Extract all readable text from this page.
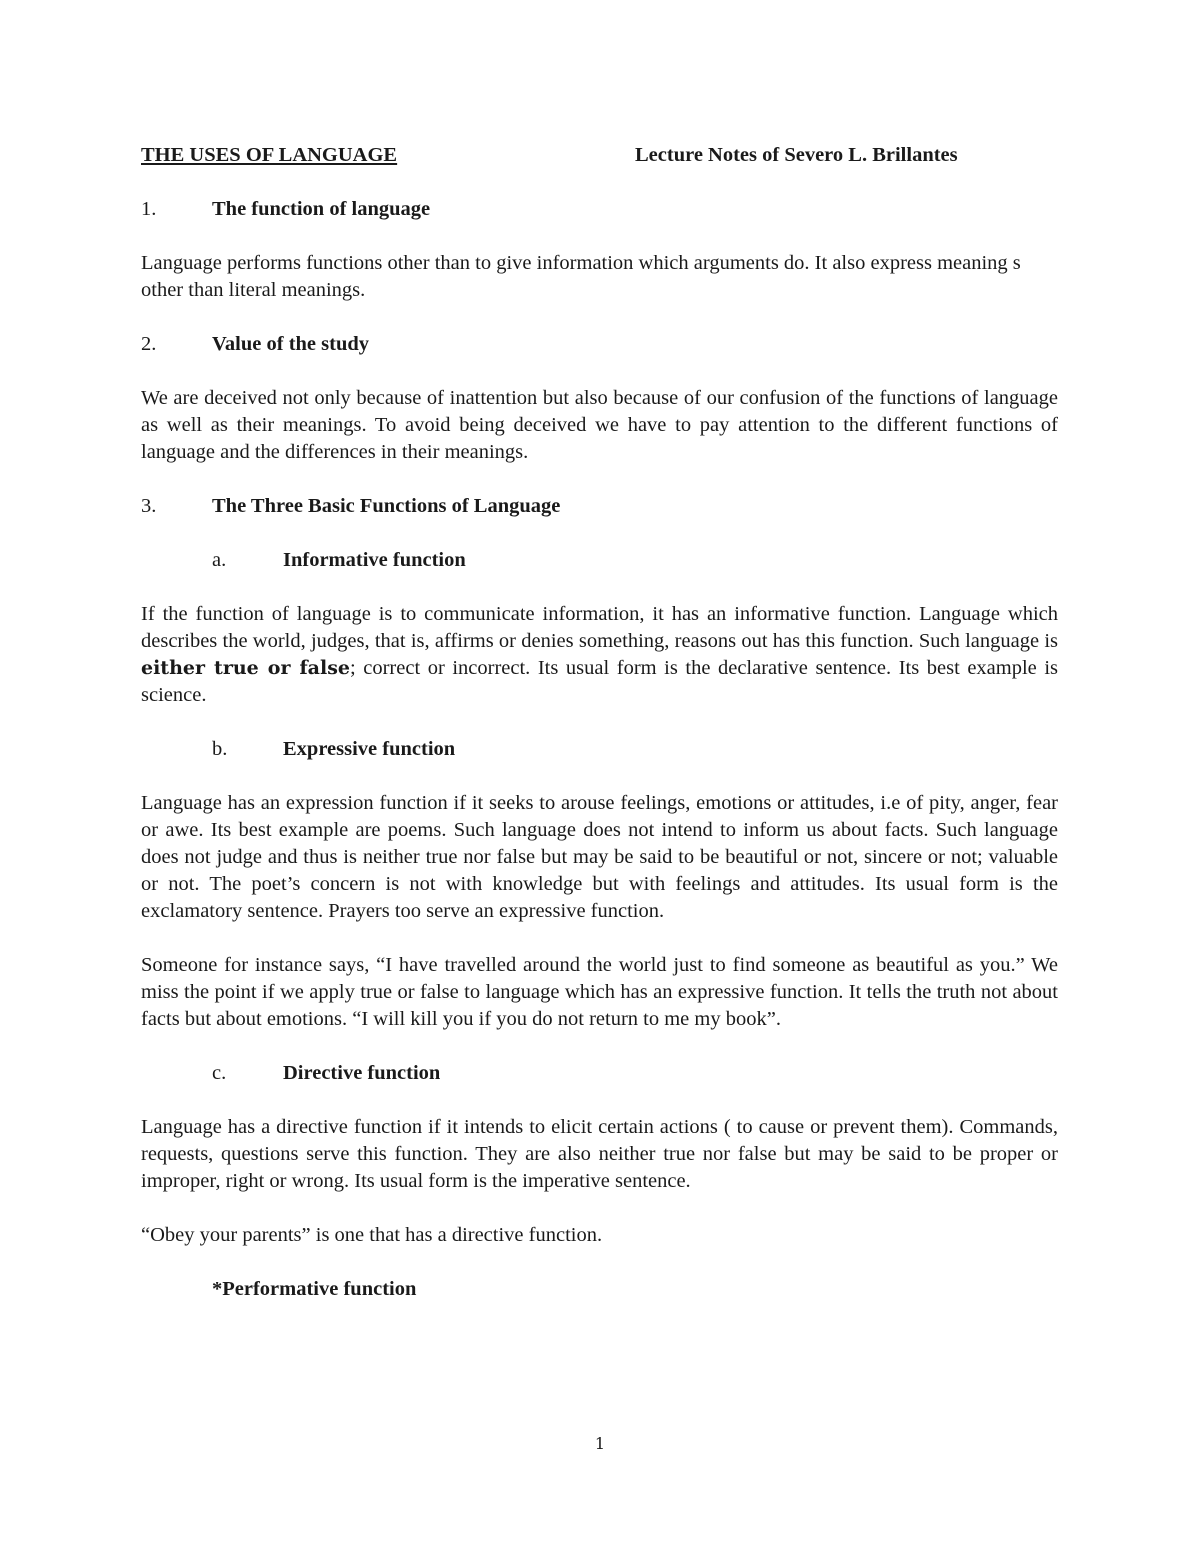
THE USES OF LANGUAGE	Lecture Notes of Severo L. Brillantes
1.	The function of language

Language performs functions other than to give information which arguments do. It also express meaning s other than literal meanings.

2.	Value of the study

We are deceived not only because of inattention but also because of our confusion of the functions of language as well as their meanings. To avoid being deceived we have to pay attention to the different functions of language and the differences in their meanings.

3.	The Three Basic Functions of Language
a.	Informative function

If the function of language is to communicate information, it has an informative function. Language which describes the world, judges, that is, affirms or denies something, reasons out has this function. Such language is either true or false; correct or incorrect. Its usual form is the declarative sentence. Its best example is science.

b.	Expressive function

Language has an expression function if it seeks to arouse feelings, emotions or attitudes, i.e of pity, anger, fear or awe. Its best example are poems. Such language does not intend to inform us about facts. Such language does not judge and thus is neither true nor false but may be said to be beautiful or not, sincere or not; valuable or not. The poet’s concern is not with knowledge but with feelings and attitudes. Its usual form is the exclamatory sentence. Prayers too serve an expressive function.

Someone for instance says, “I have travelled around the world just to find someone as beautiful as you.” We miss the point if we apply true or false to language which has an expressive function. It tells the truth not about facts but about emotions. “I will kill you if you do not return to me my book”.

c.	Directive function

Language has a directive function if it intends to elicit certain actions ( to cause or prevent them). Commands, requests, questions serve this function. They are also neither true nor false but may be said to be proper or improper, right or wrong. Its usual form is the imperative sentence.

“Obey your parents” is one that has a directive function.

*Performative function
1
